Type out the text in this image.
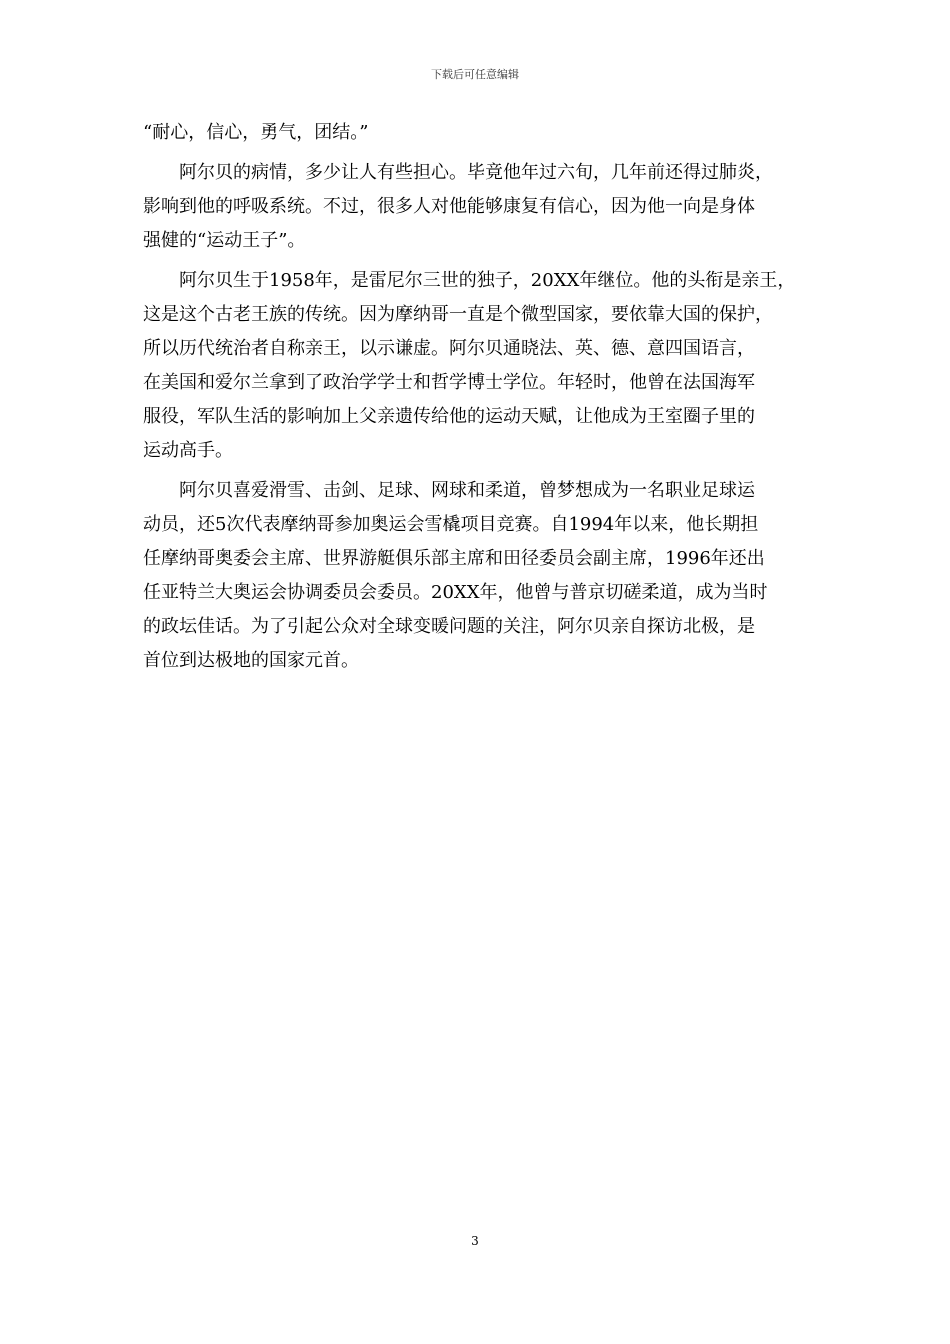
下载后可任意编辑

“耐心，信心，勇气，团结。”

阿尔贝的病情，多少让人有些担心。毕竟他年过六旬，几年前还得过肺炎，
影响到他的呼吸系统。不过，很多人对他能够康复有信心，因为他一向是身体
强健的“运动王子”。

阿尔贝生于1958年，是雷尼尔三世的独子，20XX年继位。他的头衔是亲王，
这是这个古老王族的传统。因为摩纳哥一直是个微型国家，要依靠大国的保护，
所以历代统治者自称亲王，以示谦虚。阿尔贝通晓法、英、德、意四国语言，
在美国和爱尔兰拿到了政治学学士和哲学博士学位。年轻时，他曾在法国海军
服役，军队生活的影响加上父亲遗传给他的运动天赋，让他成为王室圈子里的
运动高手。

阿尔贝喜爱滑雪、击剑、足球、网球和柔道，曾梦想成为一名职业足球运
动员，还5次代表摩纳哥参加奥运会雪橇项目竞赛。自1994年以来，他长期担
任摩纳哥奥委会主席、世界游艇俱乐部主席和田径委员会副主席，1996年还出
任亚特兰大奥运会协调委员会委员。20XX年，他曾与普京切磋柔道，成为当时
的政坛佳话。为了引起公众对全球变暖问题的关注，阿尔贝亲自探访北极，是
首位到达极地的国家元首。

3
